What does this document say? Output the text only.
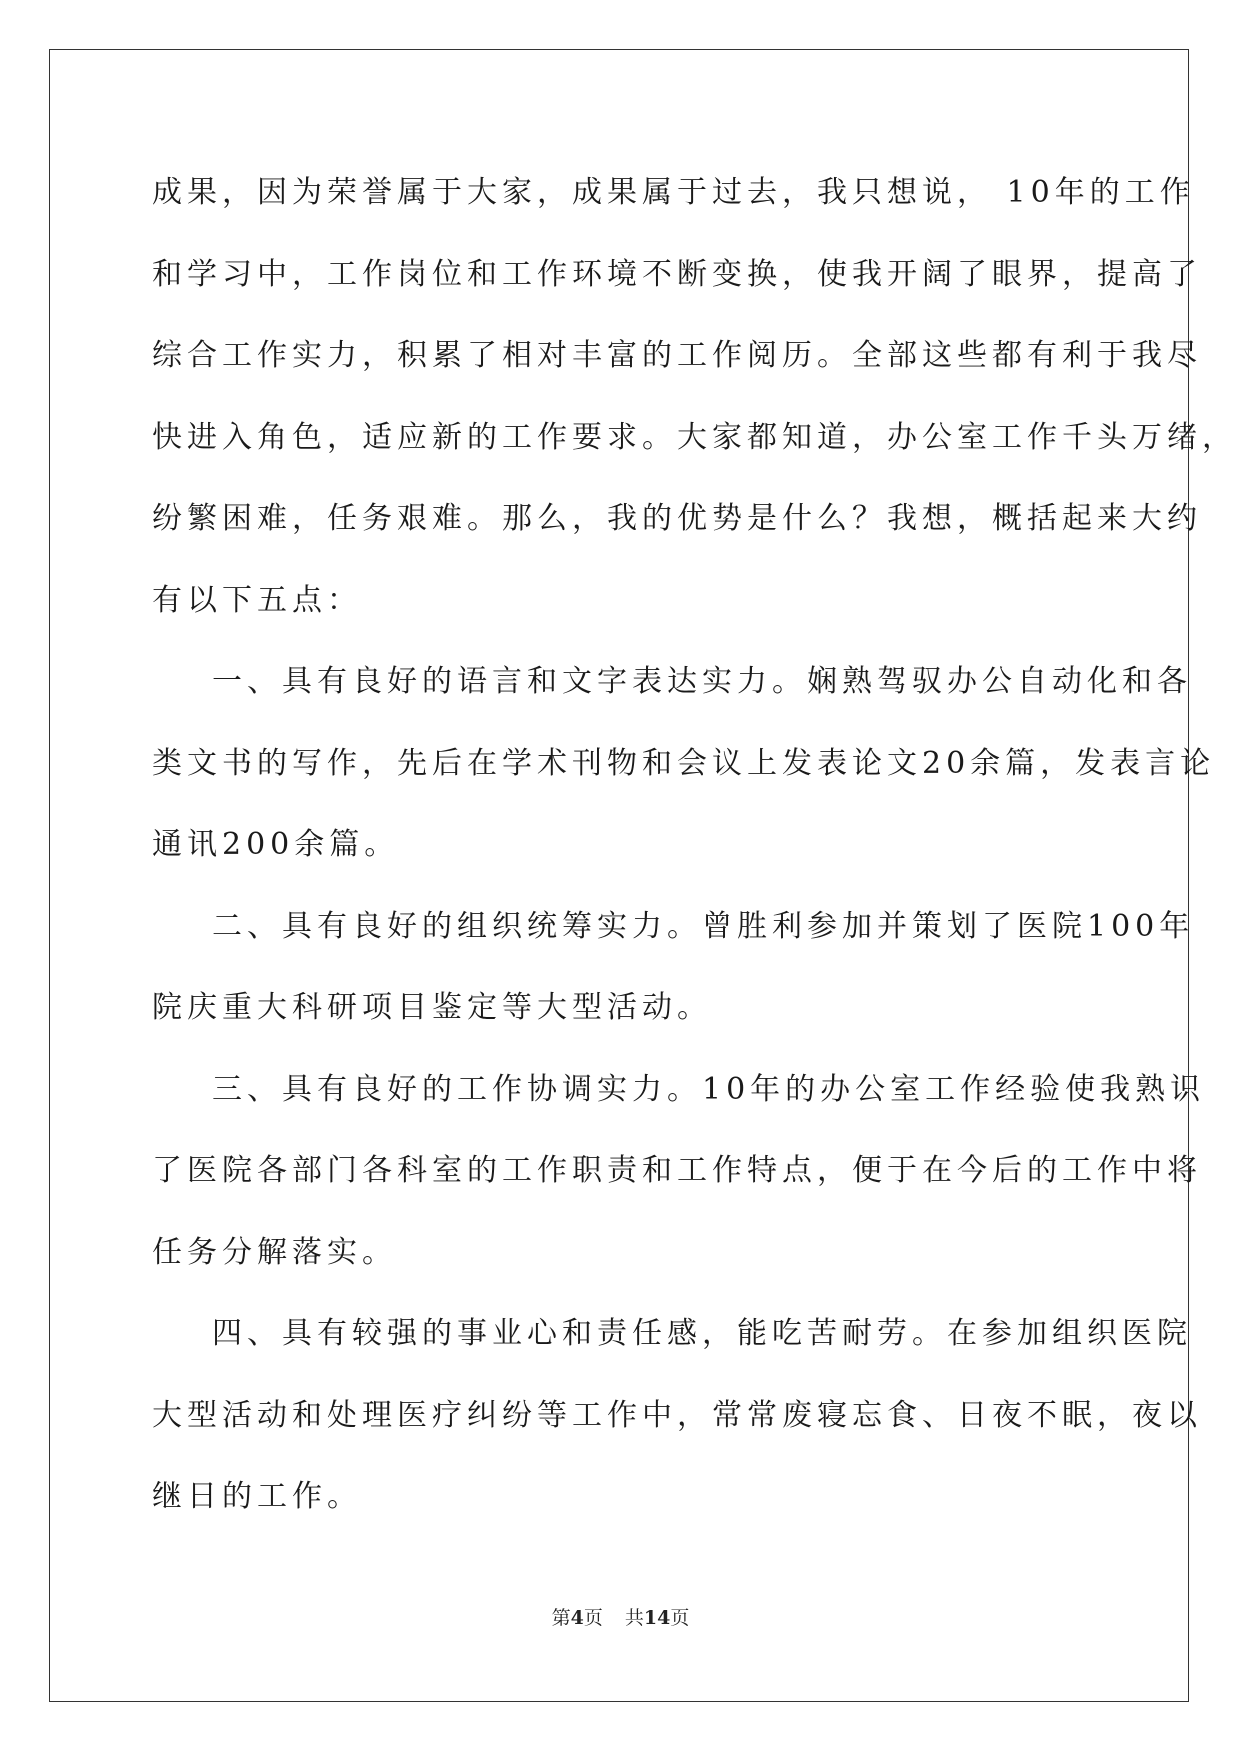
成果，因为荣誉属于大家，成果属于过去，我只想说， 10年的工作
和学习中，工作岗位和工作环境不断变换，使我开阔了眼界，提高了
综合工作实力，积累了相对丰富的工作阅历。全部这些都有利于我尽
快进入角色，适应新的工作要求。大家都知道，办公室工作千头万绪，
纷繁困难，任务艰难。那么，我的优势是什么？我想，概括起来大约
有以下五点：
一、具有良好的语言和文字表达实力。娴熟驾驭办公自动化和各
类文书的写作，先后在学术刊物和会议上发表论文20余篇，发表言论
通讯200余篇。
二、具有良好的组织统筹实力。曾胜利参加并策划了医院100年
院庆重大科研项目鉴定等大型活动。
三、具有良好的工作协调实力。10年的办公室工作经验使我熟识
了医院各部门各科室的工作职责和工作特点，便于在今后的工作中将
任务分解落实。
四、具有较强的事业心和责任感，能吃苦耐劳。在参加组织医院
大型活动和处理医疗纠纷等工作中，常常废寝忘食、日夜不眠，夜以
继日的工作。
第4页 共14页
